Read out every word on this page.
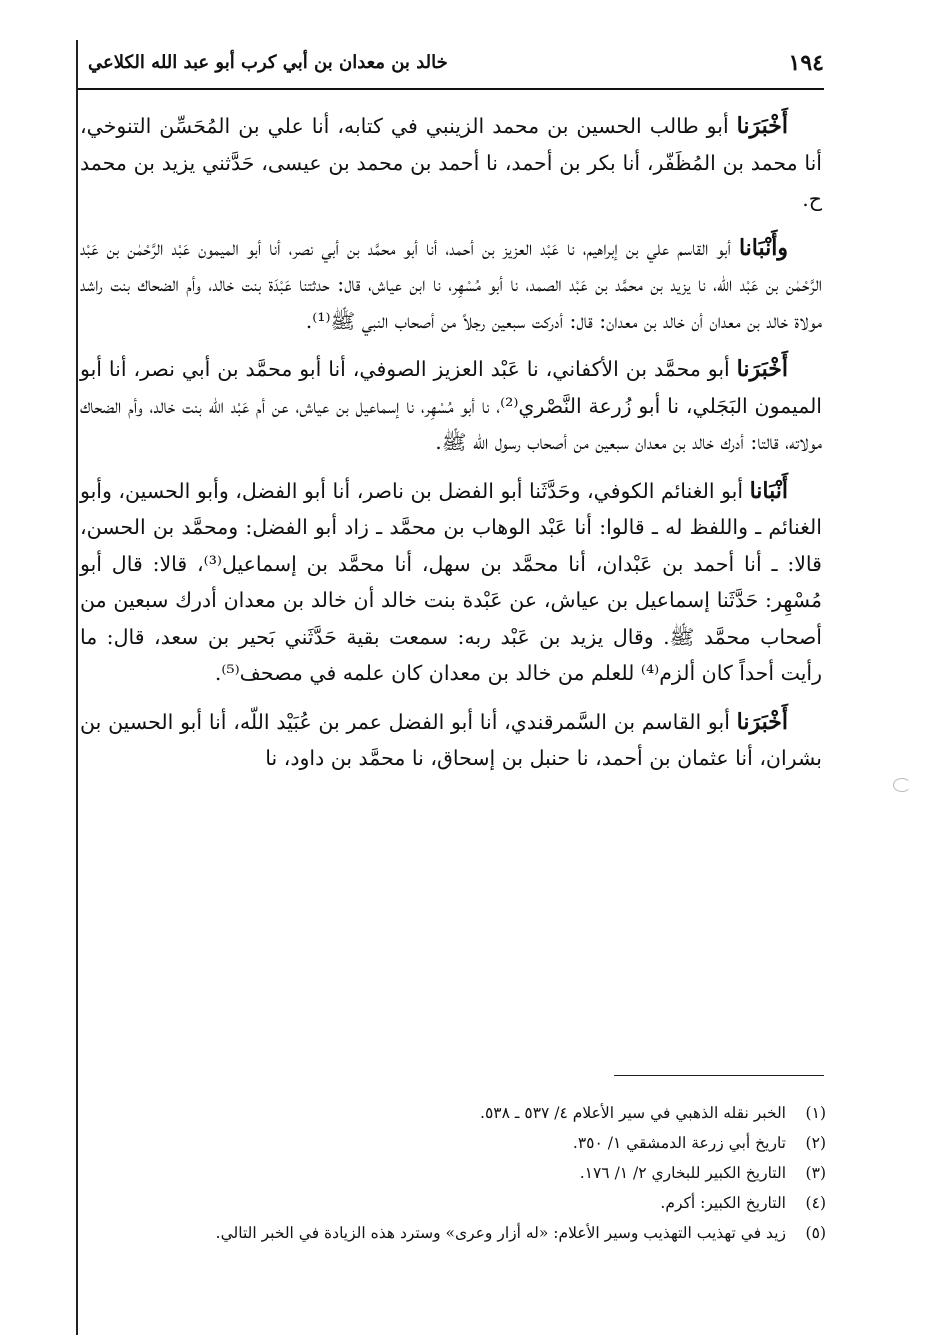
١٩٤
خالد بن معدان بن أبي كرب أبو عبد الله الكلاعي

أَخْبَرَنا أبو طالب الحسين بن محمد الزينبي في كتابه، أنا علي بن المُحَسِّن التنوخي، أنا محمد بن المُظَفّر، أنا بكر بن أحمد، نا أحمد بن محمد بن عيسى، حَدَّثني يزيد بن محمد ح.

وأَنْبَانا أبو القاسم علي بن إبراهيم، نا عَبْد العزيز بن أحمد، أنا أبو محمَّد بن أبي نصر، أنا أبو الميمون عَبْد الرَّحْمٰن بن عَبْد الرَّحْمٰن بن عَبْد اللّه، نا يزيد بن محمَّد بن عَبْد الصمد، نا أبو مُسْهِر، نا ابن عياش، قال: حدثتنا عَبْدَة بنت خالد، وأم الضحاك بنت راشد مولاة خالد بن معدان أن خالد بن معدان: قال: أدركت سبعين رجلاً من أصحاب النبي ﷺ⁽¹⁾.

أَخْبَرَنا أبو محمَّد بن الأكفاني، نا عَبْد العزيز الصوفي، أنا أبو محمَّد بن أبي نصر، أنا أبو الميمون البَجَلي، نا أبو زُرعة النَّصْري⁽²⁾، نا أبو مُسْهِر، نا إسماعيل بن عياش، عن أم عَبْد اللّه بنت خالد، وأم الضحاك مولاته، قالتا: أدرك خالد بن معدان سبعين من أصحاب رسول الله ﷺ.

أَنْبَانا أبو الغنائم الكوفي، وحَدَّثَنا أبو الفضل بن ناصر، أنا أبو الفضل، وأبو الحسين، وأبو الغنائم ـ واللفظ له ـ قالوا: أنا عَبْد الوهاب بن محمَّد ـ زاد أبو الفضل: ومحمَّد بن الحسن، قالا: ـ أنا أحمد بن عَبْدان، أنا محمَّد بن سهل، أنا محمَّد بن إسماعيل⁽³⁾، قالا: قال أبو مُسْهِر: حَدَّثَنا إسماعيل بن عياش، عن عَبْدة بنت خالد أن خالد بن معدان أدرك سبعين من أصحاب محمَّد ﷺ. وقال يزيد بن عَبْد ربه: سمعت بقية حَدَّثَني بَحير بن سعد، قال: ما رأيت أحداً كان ألزم⁽⁴⁾ للعلم من خالد بن معدان كان علمه في مصحف⁽⁵⁾.

أَخْبَرَنا أبو القاسم بن السَّمرقندي، أنا أبو الفضل عمر بن عُبَيْد اللّه، أنا أبو الحسين بن بشران، أنا عثمان بن أحمد، نا حنبل بن إسحاق، نا محمَّد بن داود، نا

(١)
الخبر نقله الذهبي في سير الأعلام ٤/ ٥٣٧ ـ ٥٣٨.
(٢)
تاريخ أبي زرعة الدمشقي ١/ ٣٥٠.
(٣)
التاريخ الكبير للبخاري ٢/ ١/ ١٧٦.
(٤)
التاريخ الكبير: أكرم.
(٥)
زيد في تهذيب التهذيب وسير الأعلام: «له أزار وعرى» وسترد هذه الزيادة في الخبر التالي.
